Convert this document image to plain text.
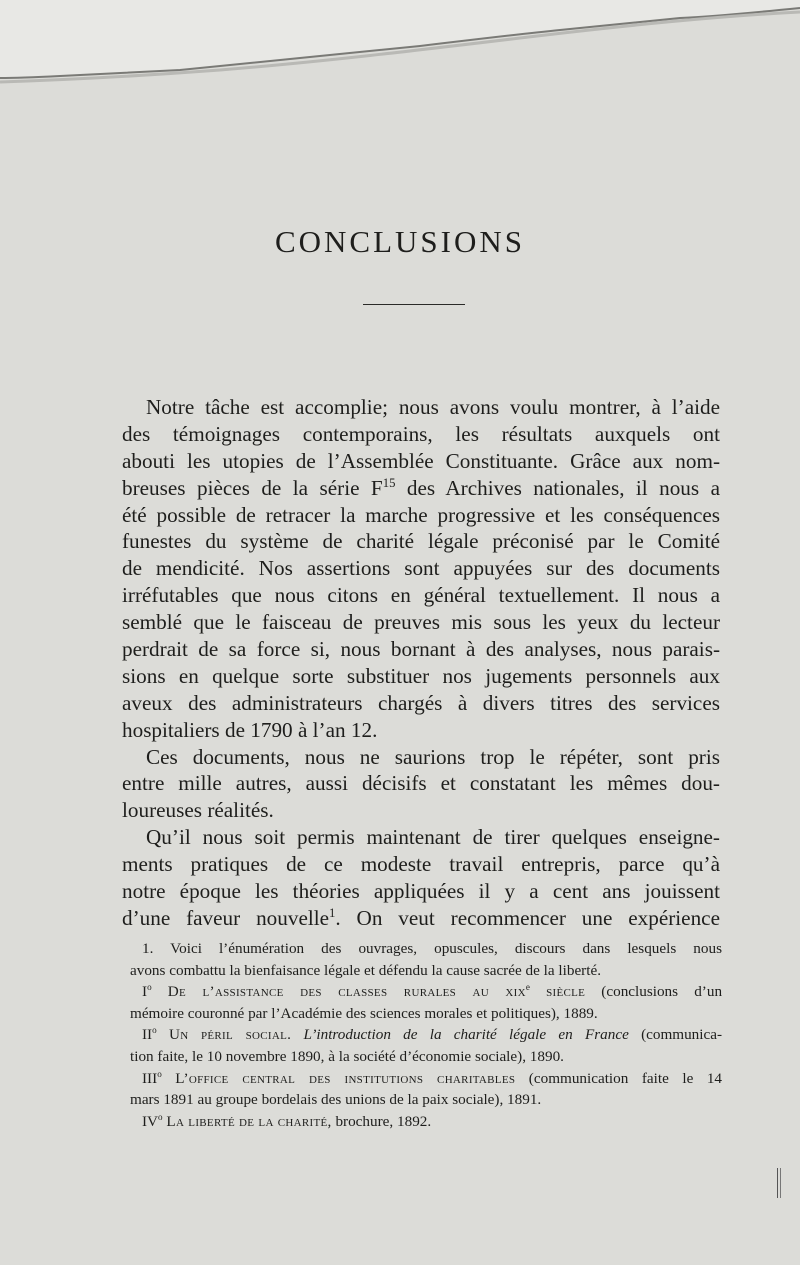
CONCLUSIONS
Notre tâche est accomplie; nous avons voulu montrer, à l’aide
des témoignages contemporains, les résultats auxquels ont
abouti les utopies de l’Assemblée Constituante. Grâce aux nom-
breuses pièces de la série $F^{15}$ des Archives nationales, il nous a
été possible de retracer la marche progressive et les conséquences
funestes du système de charité légale préconisé par le Comité
de mendicité. Nos assertions sont appuyées sur des documents
irréfutables que nous citons en général textuellement. Il nous a
semblé que le faisceau de preuves mis sous les yeux du lecteur
perdrait de sa force si, nous bornant à des analyses, nous parais-
sions en quelque sorte substituer nos jugements personnels aux
aveux des administrateurs chargés à divers titres des services
hospitaliers de 1790 à l’an 12.
Ces documents, nous ne saurions trop le répéter, sont pris
entre mille autres, aussi décisifs et constatant les mêmes dou-
loureuses réalités.
Qu’il nous soit permis maintenant de tirer quelques enseigne-
ments pratiques de ce modeste travail entrepris, parce qu’à
notre époque les théories appliquées il y a cent ans jouissent
d’une faveur nouvelle$^1$. On veut recommencer une expérience
1. Voici l’énumération des ouvrages, opuscules, discours dans lesquels nous
avons combattu la bienfaisance légale et défendu la cause sacrée de la liberté.
$I^o$ De l’assistance des classes rurales au xix$^e$ siècle (conclusions d’un
mémoire couronné par l’Académie des sciences morales et politiques), 1889.
$II^o$ Un péril social. L’introduction de la charité légale en France (communica-
tion faite, le 10 novembre 1890, à la société d’économie sociale), 1890.
III$^o$ L’office central des institutions charitables (communication faite le 14
mars 1891 au groupe bordelais des unions de la paix sociale), 1891.
$IV^o$ La liberté de la charité, brochure, 1892.
